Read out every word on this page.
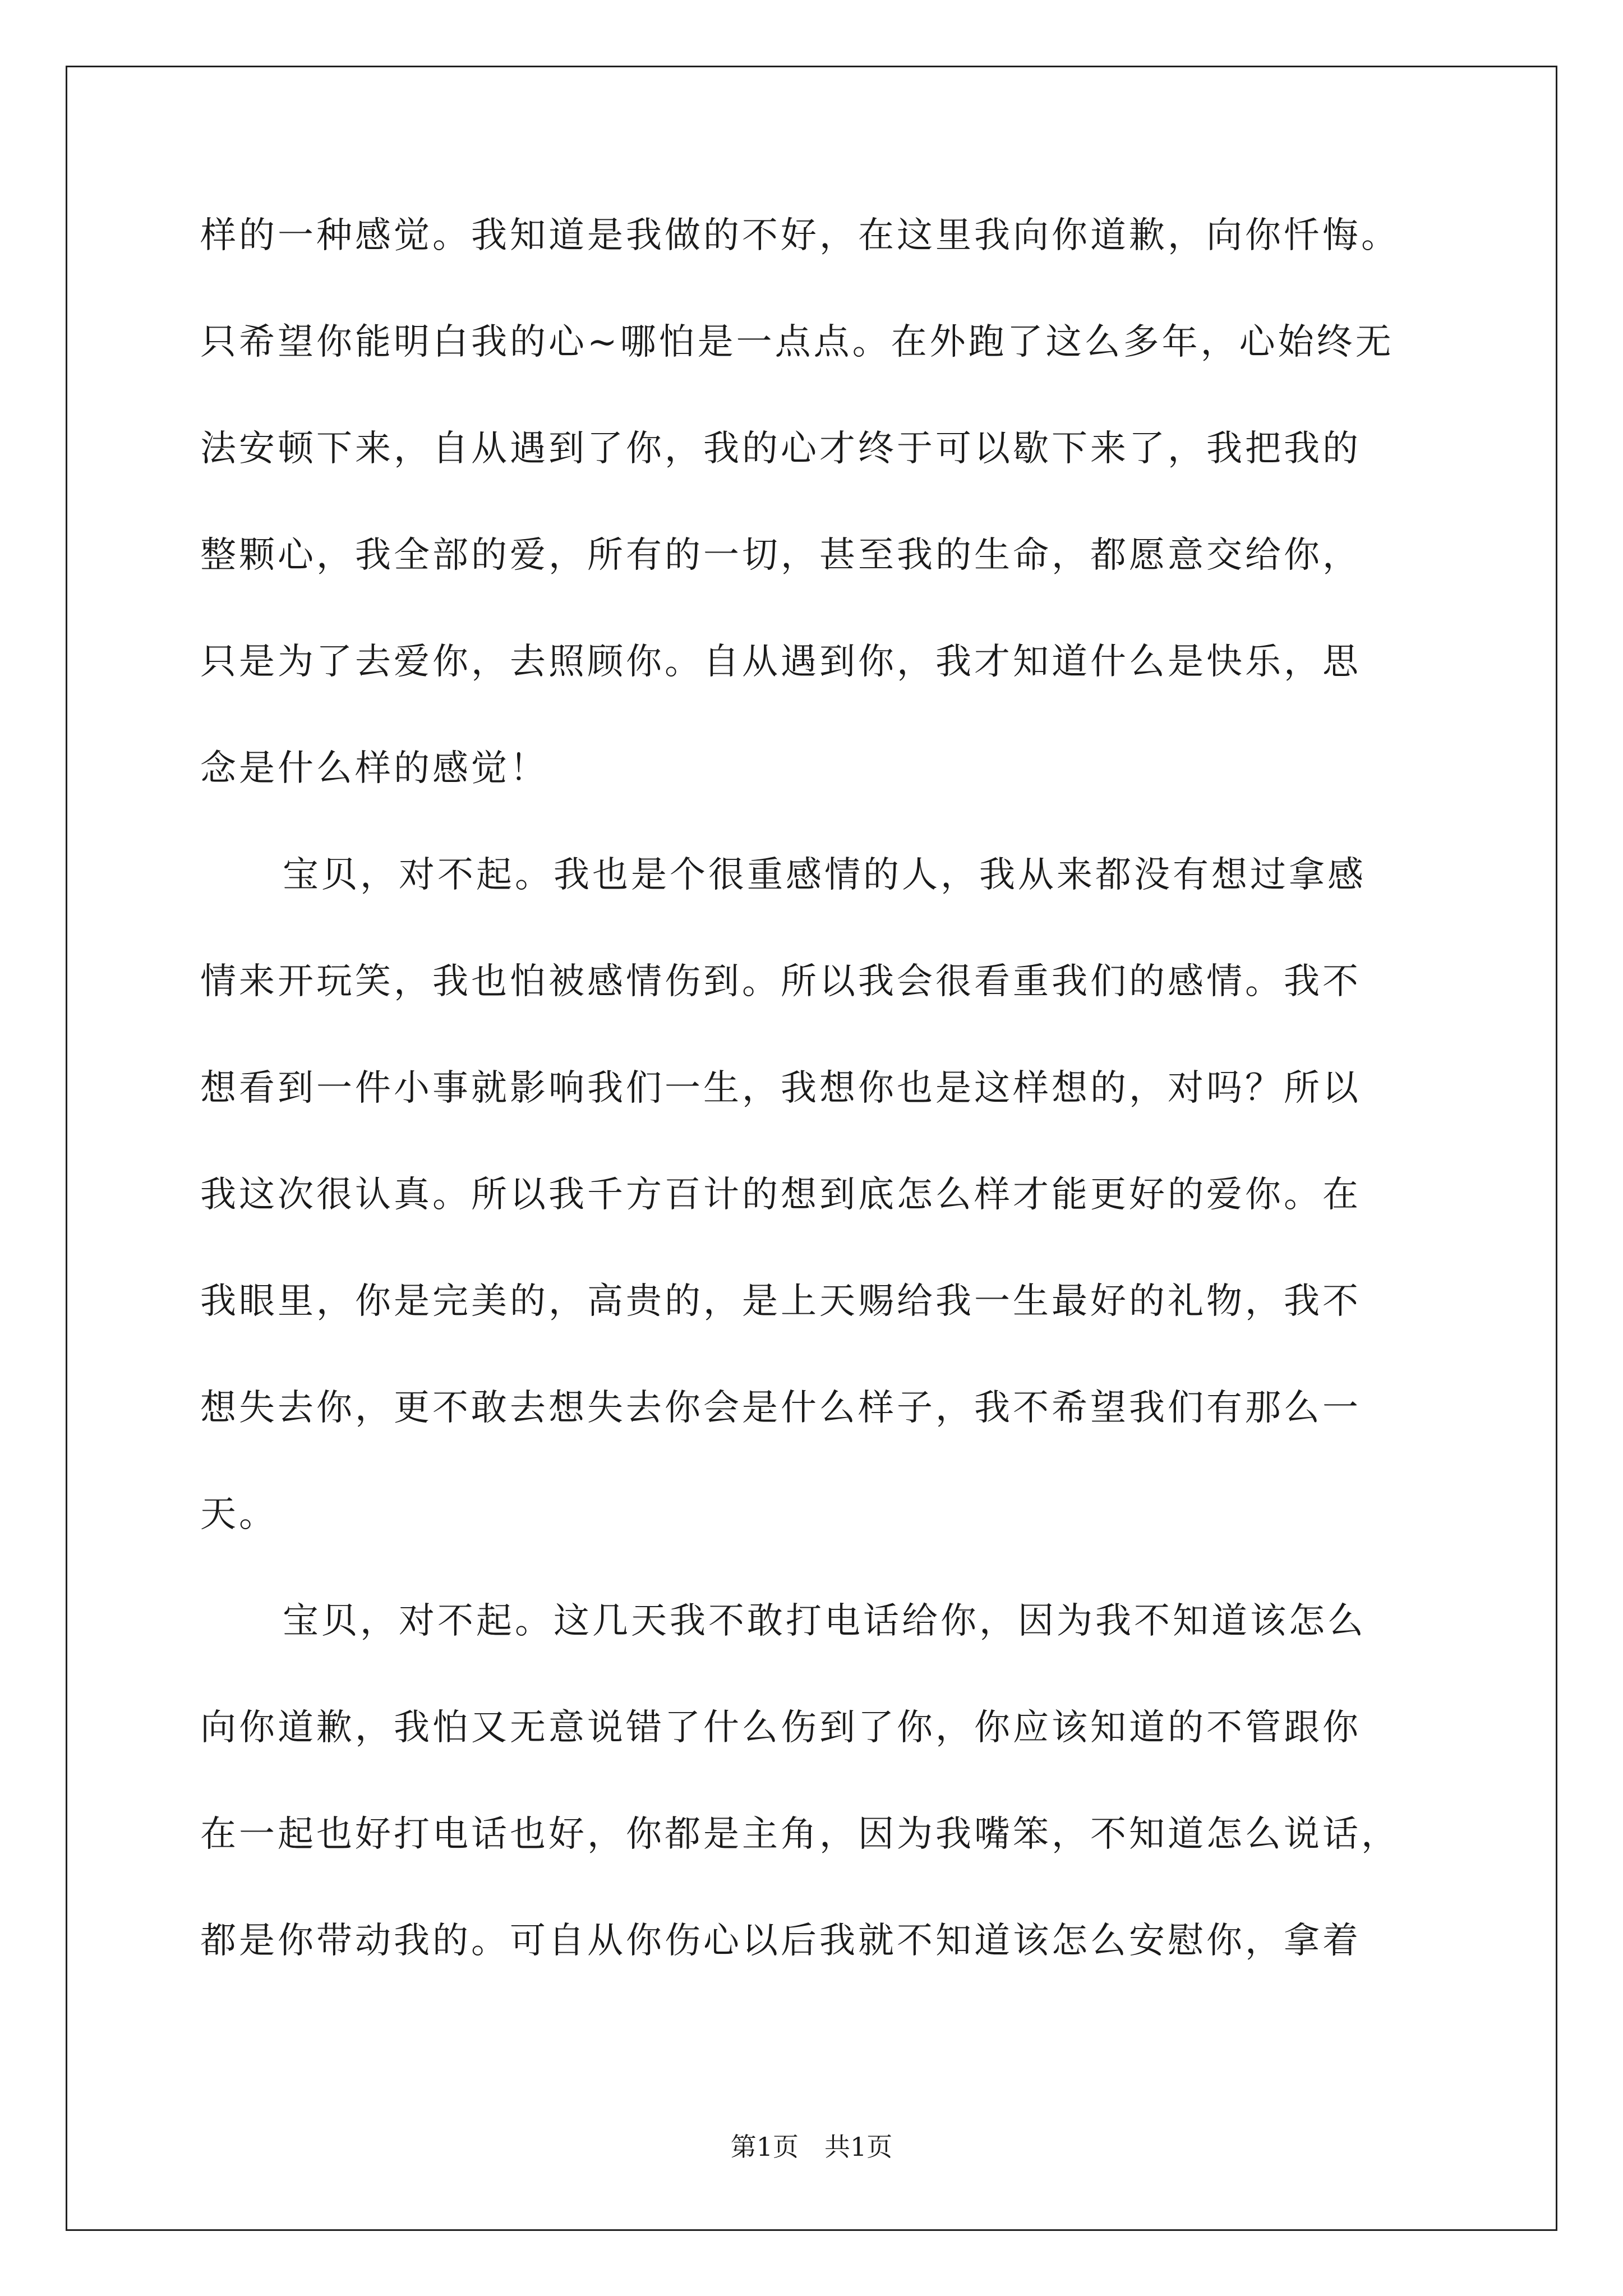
样的一种感觉。我知道是我做的不好，在这里我向你道歉，向你忏悔。
只希望你能明白我的心~哪怕是一点点。在外跑了这么多年，心始终无
法安顿下来，自从遇到了你，我的心才终于可以歇下来了，我把我的
整颗心，我全部的爱，所有的一切，甚至我的生命，都愿意交给你，
只是为了去爱你，去照顾你。自从遇到你，我才知道什么是快乐，思
念是什么样的感觉！
宝贝，对不起。我也是个很重感情的人，我从来都没有想过拿感
情来开玩笑，我也怕被感情伤到。所以我会很看重我们的感情。我不
想看到一件小事就影响我们一生，我想你也是这样想的，对吗？所以
我这次很认真。所以我千方百计的想到底怎么样才能更好的爱你。在
我眼里，你是完美的，高贵的，是上天赐给我一生最好的礼物，我不
想失去你，更不敢去想失去你会是什么样子，我不希望我们有那么一
天。
宝贝，对不起。这几天我不敢打电话给你，因为我不知道该怎么
向你道歉，我怕又无意说错了什么伤到了你，你应该知道的不管跟你
在一起也好打电话也好，你都是主角，因为我嘴笨，不知道怎么说话，
都是你带动我的。可自从你伤心以后我就不知道该怎么安慰你，拿着
第1页　共1页
